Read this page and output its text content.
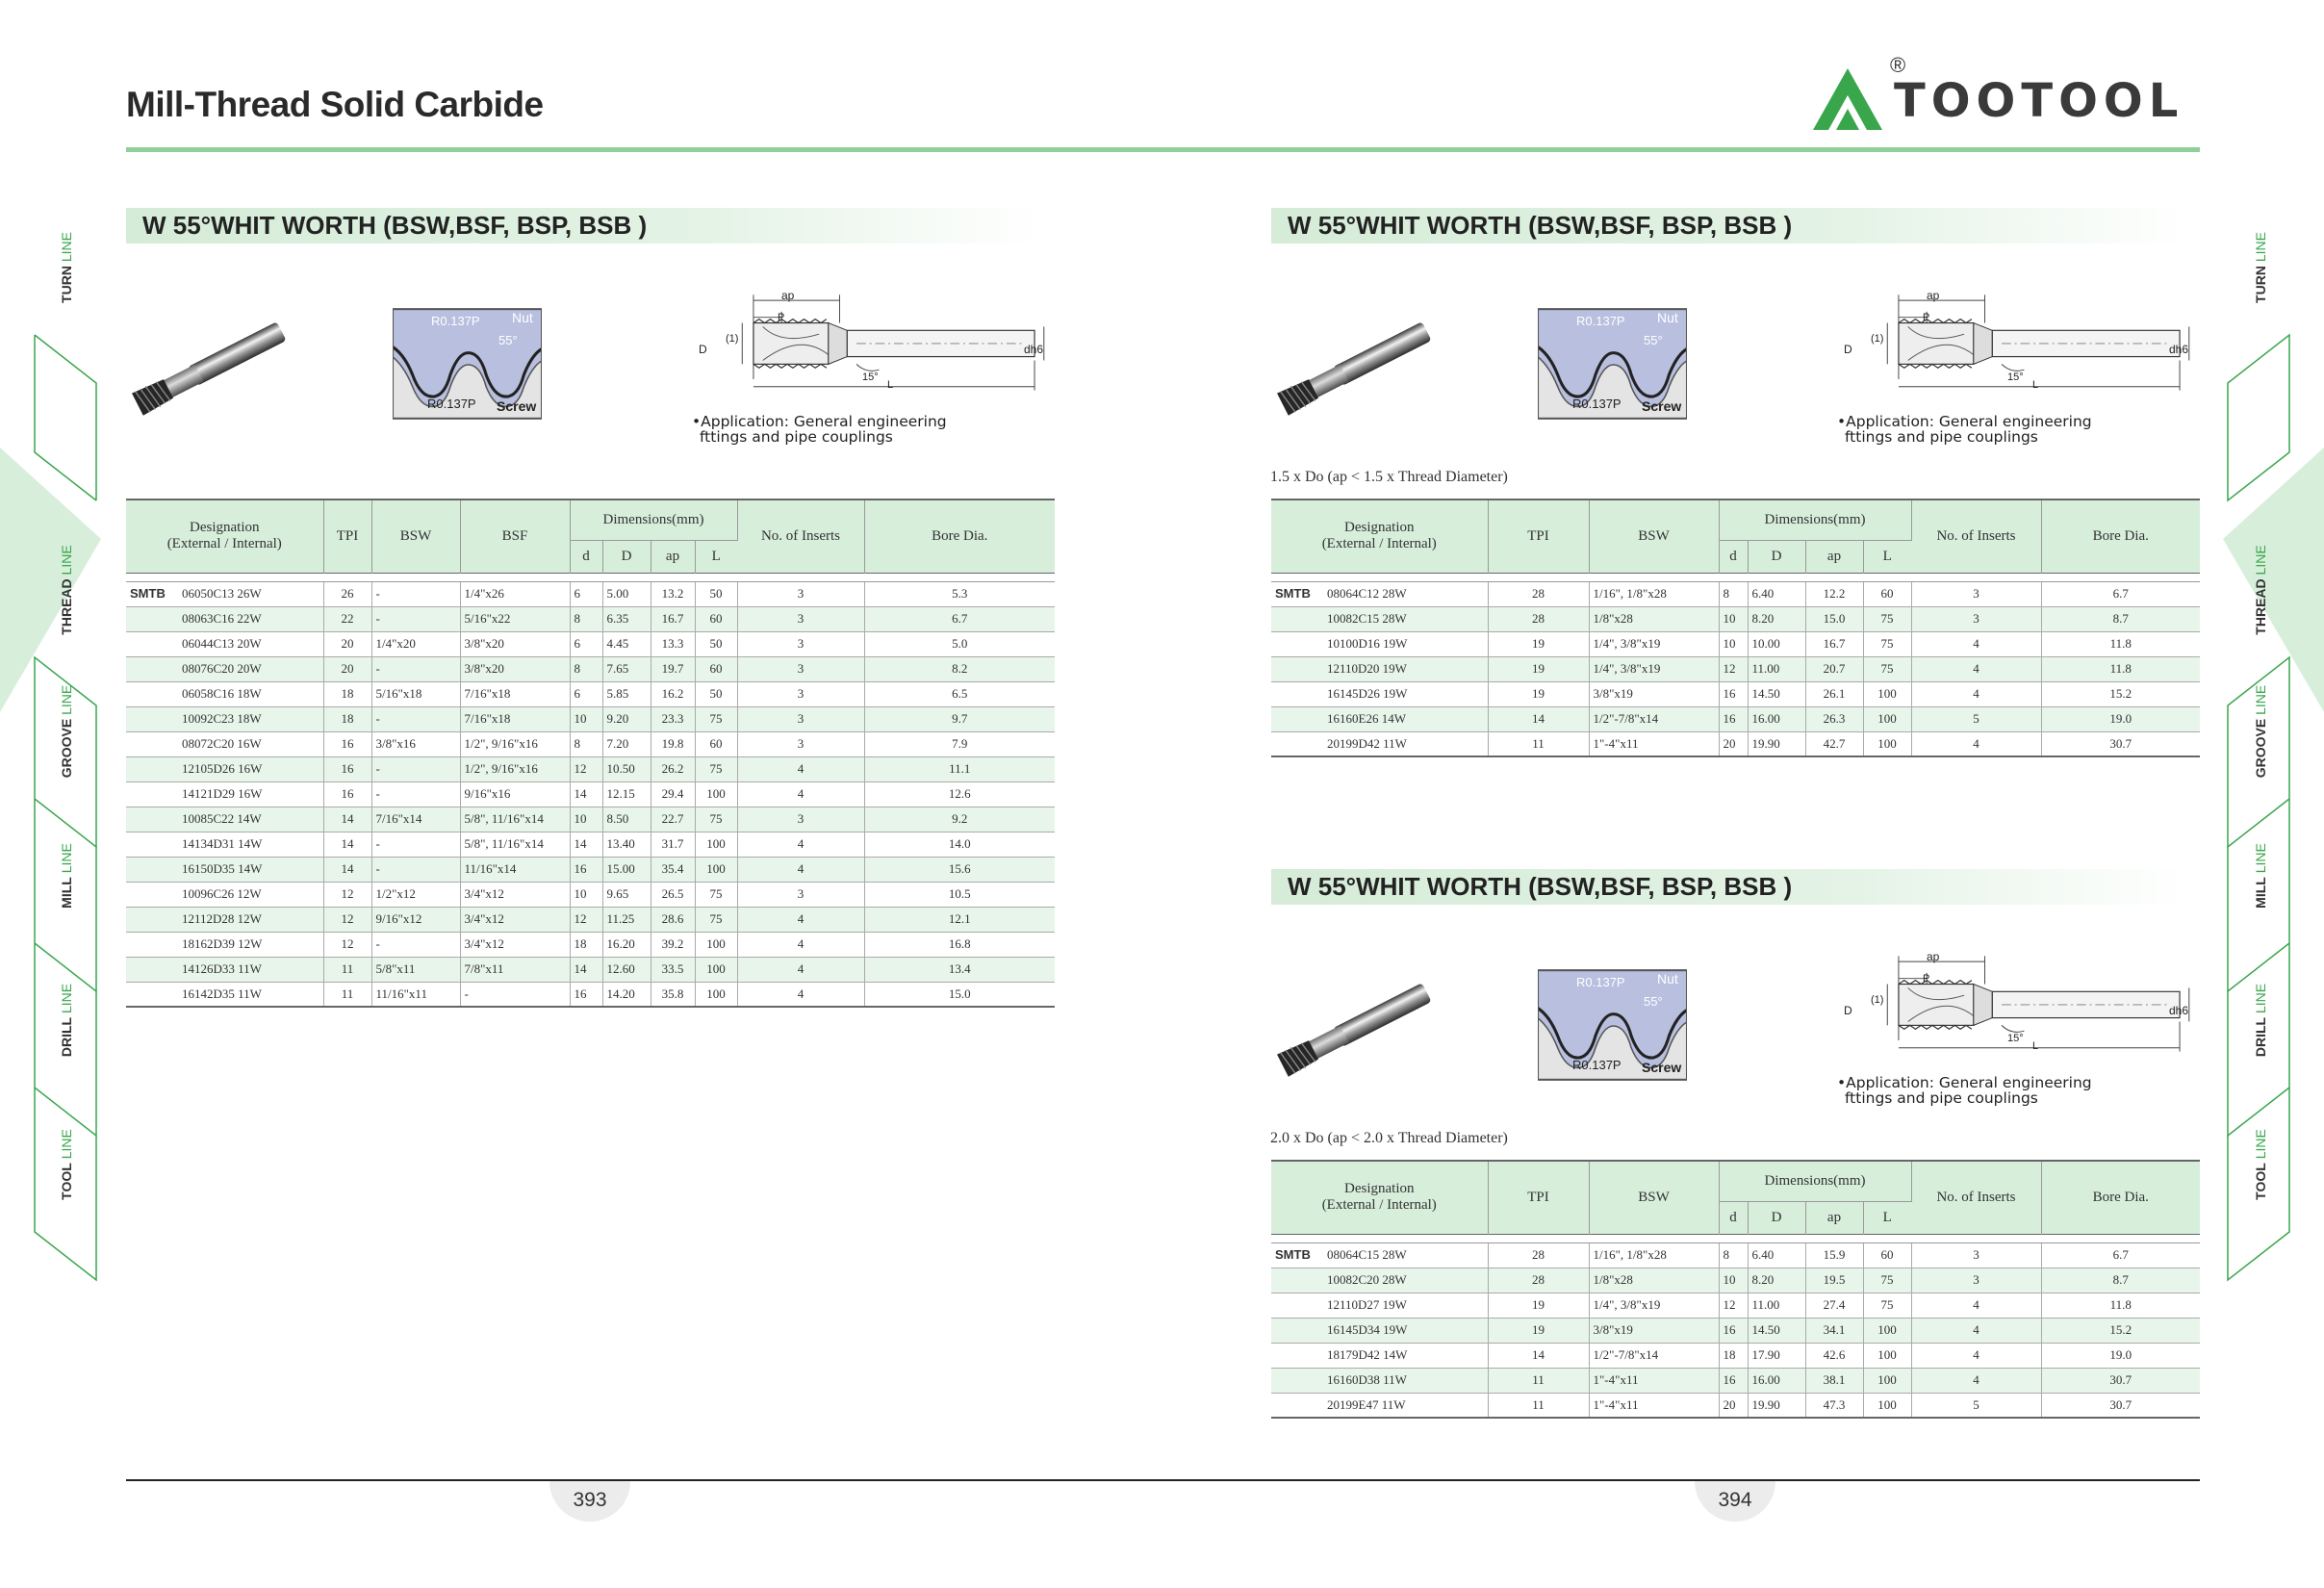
Mill-Thread Solid Carbide
®
TOOTOOL
W 55°WHIT WORTH (BSW,BSF, BSP, BSB )
R0.137P Nut
55°
R0.137P Screw
ap
P
D
(1)
dh6
15°
L
•Application: General engineering
fttings and pipe couplings
Designation
(External / Internal)	TPI	BSW	BSF	Dimensions(mm)				No. of Inserts	Bore Dia.
				d	D	ap	L		

SMTB 06050C13 26W	26	-	1/4"x26	6	5.00	13.2	50	3	5.3
08063C16 22W	22	-	5/16"x22	8	6.35	16.7	60	3	6.7
06044C13 20W	20	1/4"x20	3/8"x20	6	4.45	13.3	50	3	5.0
08076C20 20W	20	-	3/8"x20	8	7.65	19.7	60	3	8.2
06058C16 18W	18	5/16"x18	7/16"x18	6	5.85	16.2	50	3	6.5
10092C23 18W	18	-	7/16"x18	10	9.20	23.3	75	3	9.7
08072C20 16W	16	3/8"x16	1/2", 9/16"x16	8	7.20	19.8	60	3	7.9
12105D26 16W	16	-	1/2", 9/16"x16	12	10.50	26.2	75	4	11.1
14121D29 16W	16	-	9/16"x16	14	12.15	29.4	100	4	12.6
10085C22 14W	14	7/16"x14	5/8", 11/16"x14	10	8.50	22.7	75	3	9.2
14134D31 14W	14	-	5/8", 11/16"x14	14	13.40	31.7	100	4	14.0
16150D35 14W	14	-	11/16"x14	16	15.00	35.4	100	4	15.6
10096C26 12W	12	1/2"x12	3/4"x12	10	9.65	26.5	75	3	10.5
12112D28 12W	12	9/16"x12	3/4"x12	12	11.25	28.6	75	4	12.1
18162D39 12W	12	-	3/4"x12	18	16.20	39.2	100	4	16.8
14126D33 11W	11	5/8"x11	7/8"x11	14	12.60	33.5	100	4	13.4
16142D35 11W	11	11/16"x11	-	16	14.20	35.8	100	4	15.0
W 55°WHIT WORTH (BSW,BSF, BSP, BSB )
R0.137P Nut
55°
R0.137P Screw
ap
P
D
(1)
dh6
15°
L
•Application: General engineering
fttings and pipe couplings
1.5 x Do (ap < 1.5 x Thread Diameter)
Designation
(External / Internal)	TPI	BSW	Dimensions(mm)				No. of Inserts	Bore Dia.
			d	D	ap	L		

SMTB 08064C12 28W	28	1/16", 1/8"x28	8	6.40	12.2	60	3	6.7
10082C15 28W	28	1/8"x28	10	8.20	15.0	75	3	8.7
10100D16 19W	19	1/4", 3/8"x19	10	10.00	16.7	75	4	11.8
12110D20 19W	19	1/4", 3/8"x19	12	11.00	20.7	75	4	11.8
16145D26 19W	19	3/8"x19	16	14.50	26.1	100	4	15.2
16160E26 14W	14	1/2"-7/8"x14	16	16.00	26.3	100	5	19.0
20199D42 11W	11	1"-4"x11	20	19.90	42.7	100	4	30.7
W 55°WHIT WORTH (BSW,BSF, BSP, BSB )
R0.137P Nut
55°
R0.137P Screw
ap
P
D
(1)
dh6
15°
L
•Application: General engineering
fttings and pipe couplings
2.0 x Do (ap < 2.0 x Thread Diameter)
Designation
(External / Internal)	TPI	BSW	Dimensions(mm)				No. of Inserts	Bore Dia.
			d	D	ap	L		

SMTB 08064C15 28W	28	1/16", 1/8"x28	8	6.40	15.9	60	3	6.7
10082C20 28W	28	1/8"x28	10	8.20	19.5	75	3	8.7
12110D27 19W	19	1/4", 3/8"x19	12	11.00	27.4	75	4	11.8
16145D34 19W	19	3/8"x19	16	14.50	34.1	100	4	15.2
18179D42 14W	14	1/2"-7/8"x14	18	17.90	42.6	100	4	19.0
16160D38 11W	11	1"-4"x11	16	16.00	38.1	100	4	30.7
20199E47 11W	11	1"-4"x11	20	19.90	47.3	100	5	30.7
TURN LINE
THREAD LINE
GROOVE LINE
MILL LINE
DRILL LINE
TOOL LINE
TURN LINE
THREAD LINE
GROOVE LINE
MILL LINE
DRILL LINE
TOOL LINE
393	394
